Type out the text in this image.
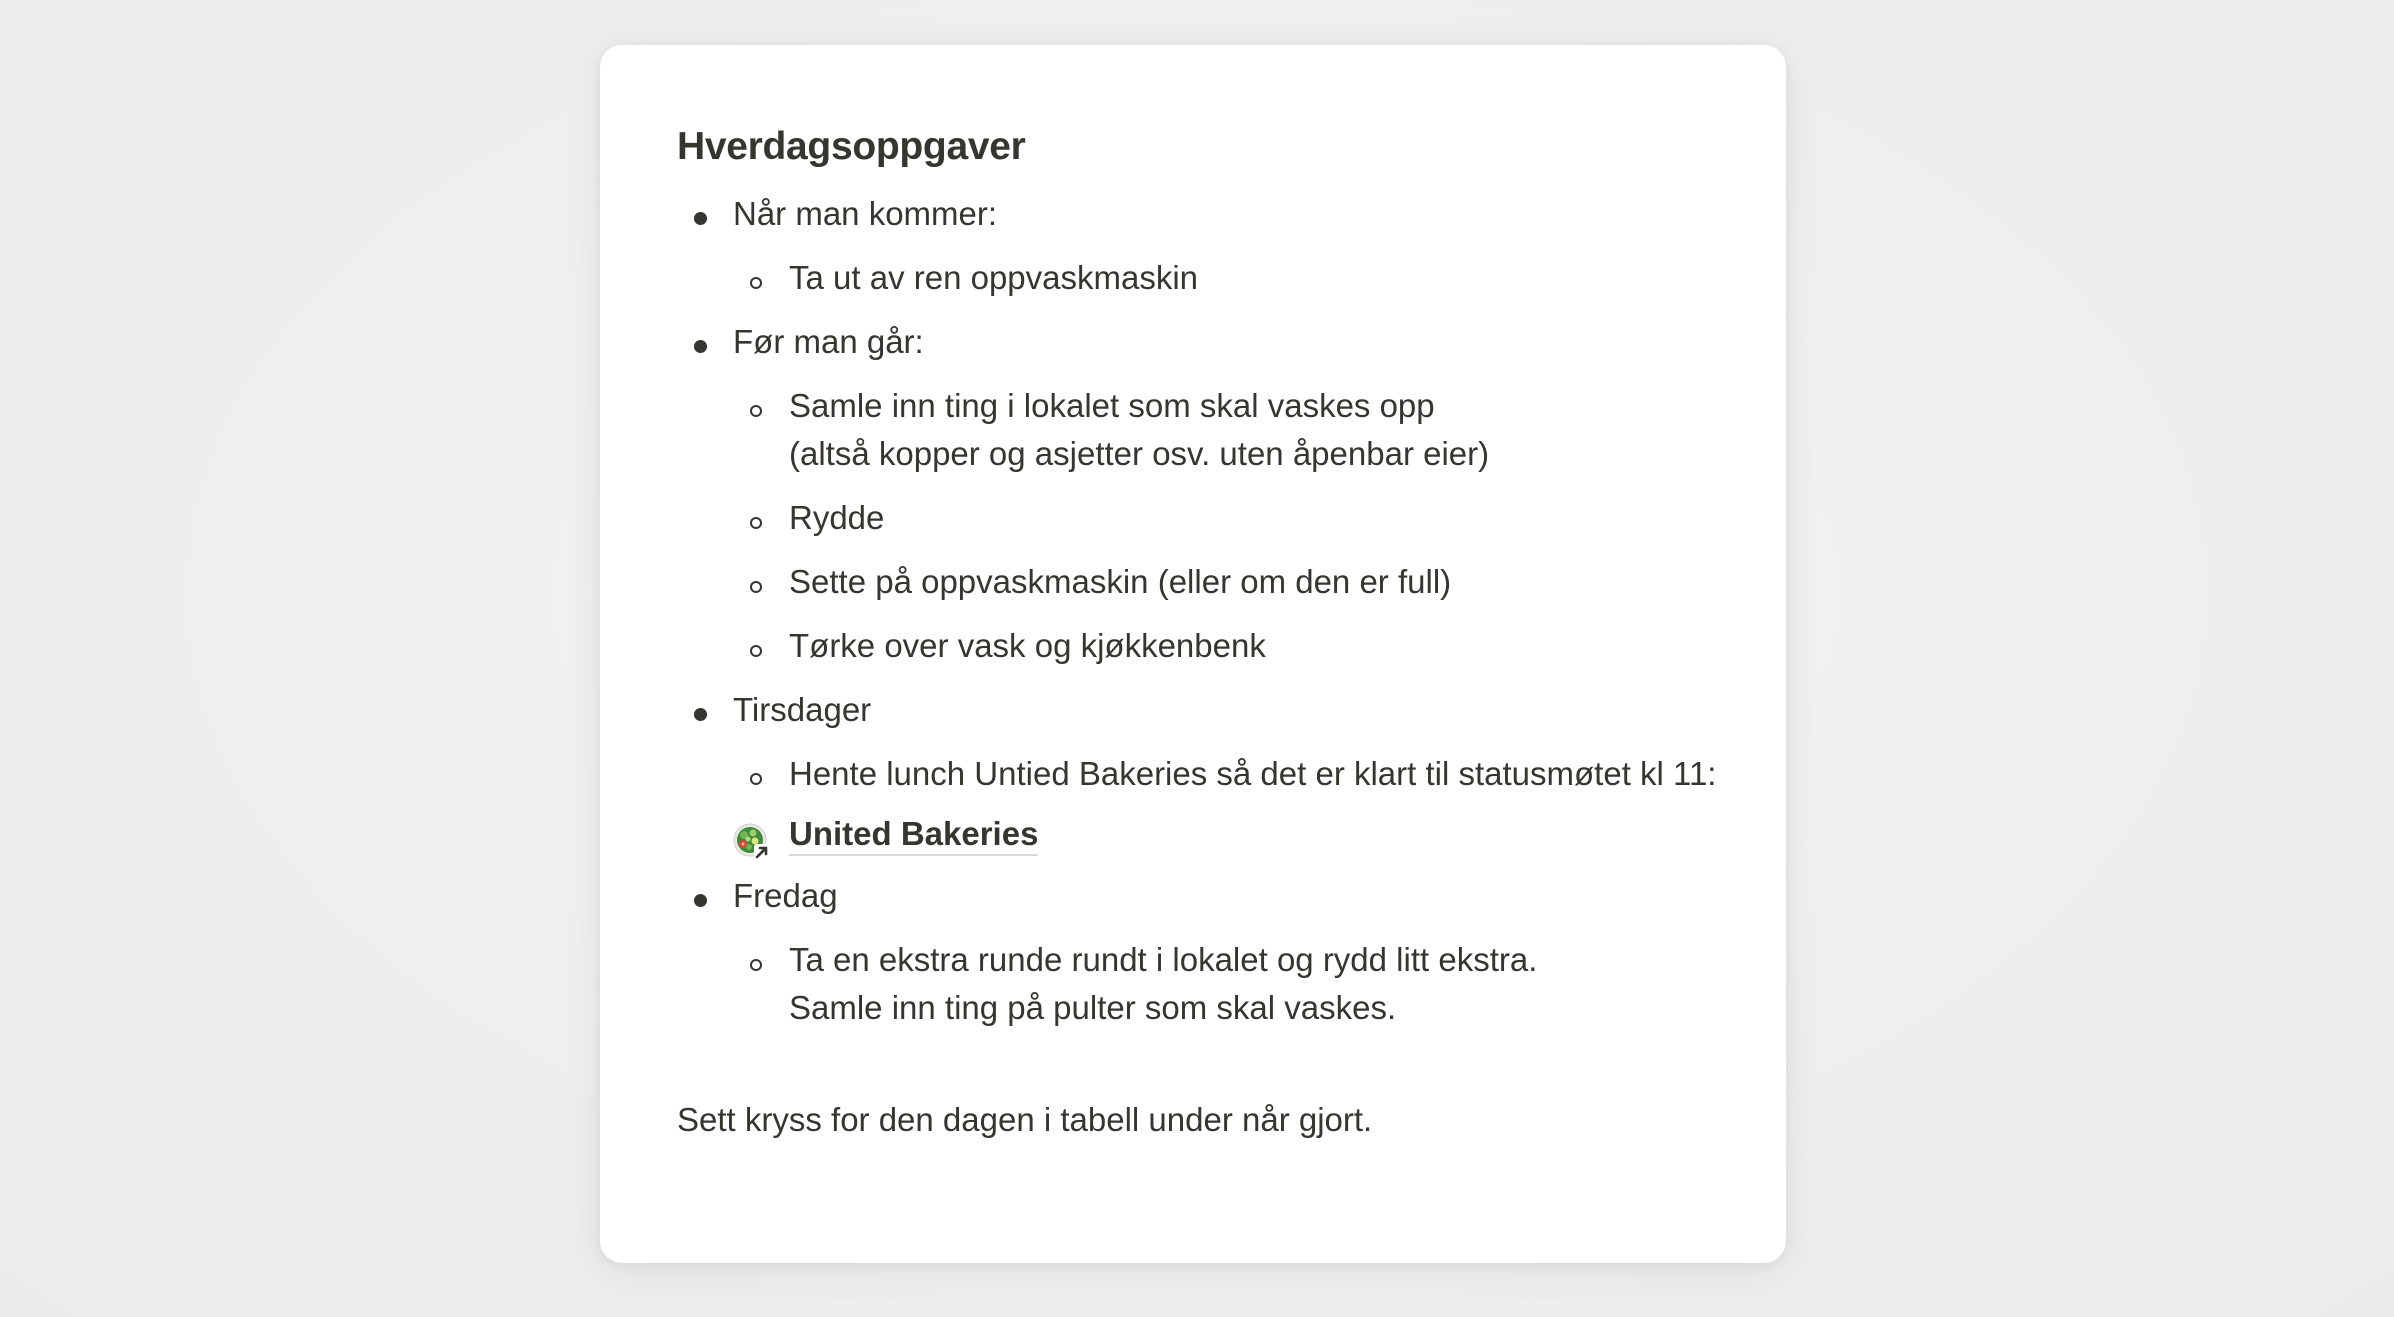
Hverdagsoppgaver
Når man kommer:
Ta ut av ren oppvaskmaskin
Før man går:
Samle inn ting i lokalet som skal vaskes opp
(altså kopper og asjetter osv. uten åpenbar eier)
Rydde
Sette på oppvaskmaskin (eller om den er full)
Tørke over vask og kjøkkenbenk
Tirsdager
Hente lunch Untied Bakeries så det er klart til statusmøtet kl 11:
United Bakeries
Fredag
Ta en ekstra runde rundt i lokalet og rydd litt ekstra.
Samle inn ting på pulter som skal vaskes.

Sett kryss for den dagen i tabell under når gjort.
